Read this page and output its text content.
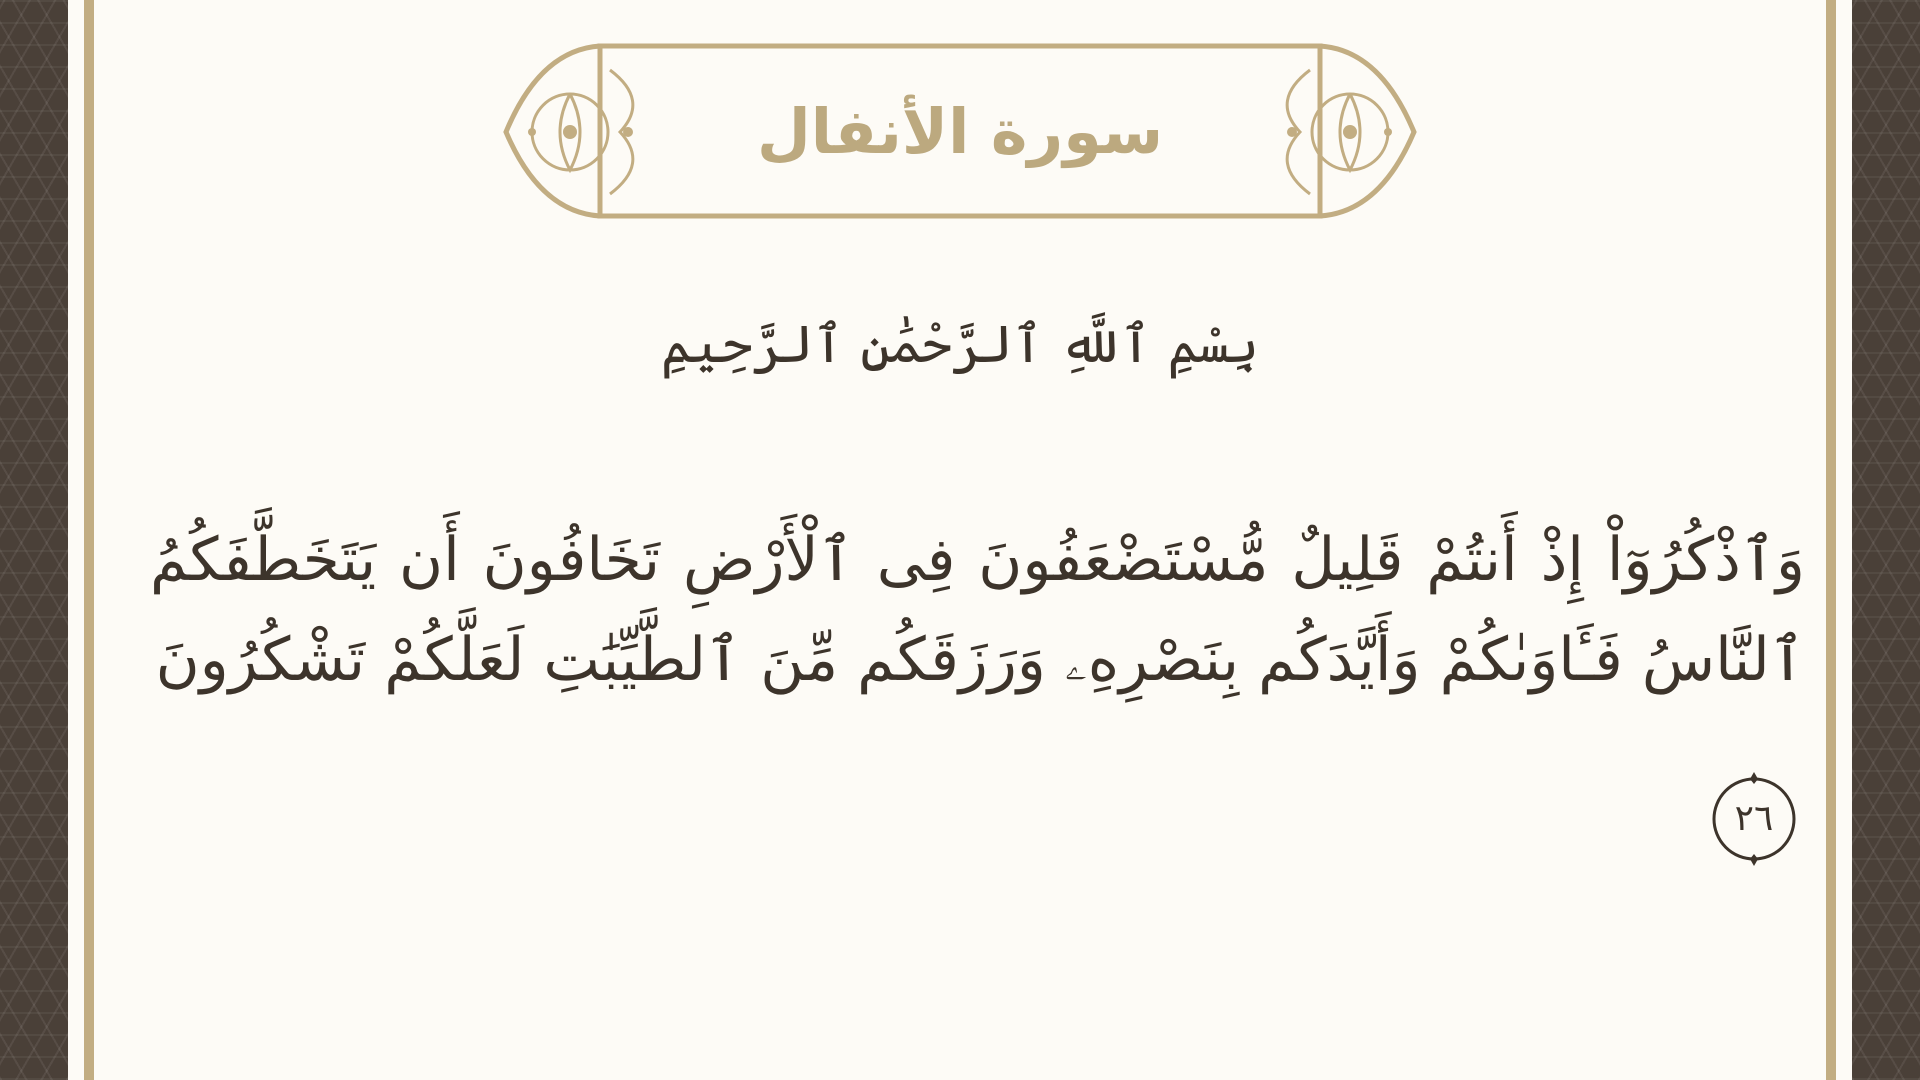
سورة الأنفال
بِسْمِ ٱللَّهِ ٱلرَّحْمَٰنِ ٱلرَّحِيمِ
وَٱذْكُرُوٓاْ إِذْ أَنتُمْ قَلِيلٌ مُّسْتَضْعَفُونَ فِى ٱلْأَرْضِ تَخَافُونَ أَن يَتَخَطَّفَكُمُ ٱلنَّاسُ فَـَٔاوَىٰكُمْ وَأَيَّدَكُم بِنَصْرِهِۦ وَرَزَقَكُم مِّنَ ٱلطَّيِّبَٰتِ لَعَلَّكُمْ تَشْكُرُونَ
٢٦
